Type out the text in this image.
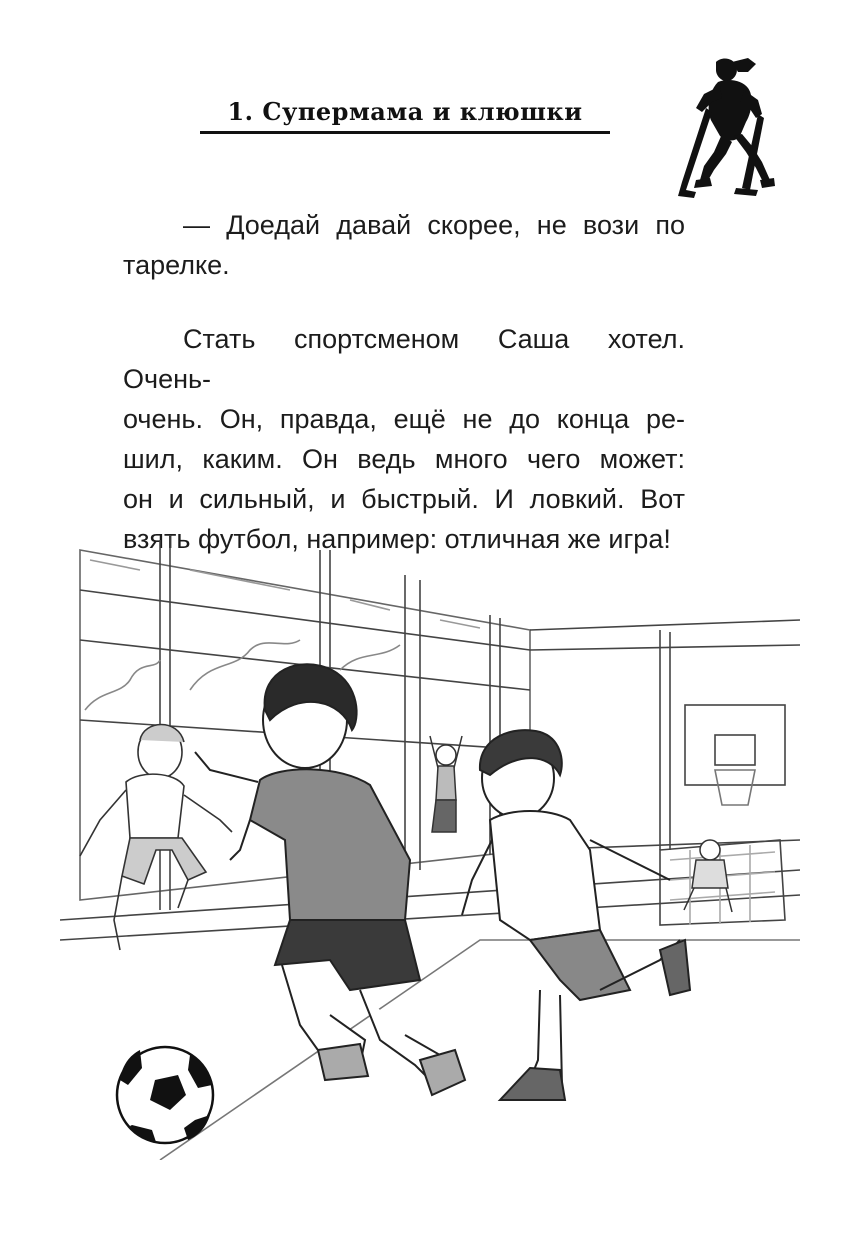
1. Супермама и клюшки

— Доедай давай скорее, не вози по
тарелке.

Стать спортсменом Саша хотел. Очень-
очень. Он, правда, ещё не до конца ре-
шил, каким. Он ведь много чего может:
он и сильный, и быстрый. И ловкий. Вот
взять футбол, например: отличная же игра!
